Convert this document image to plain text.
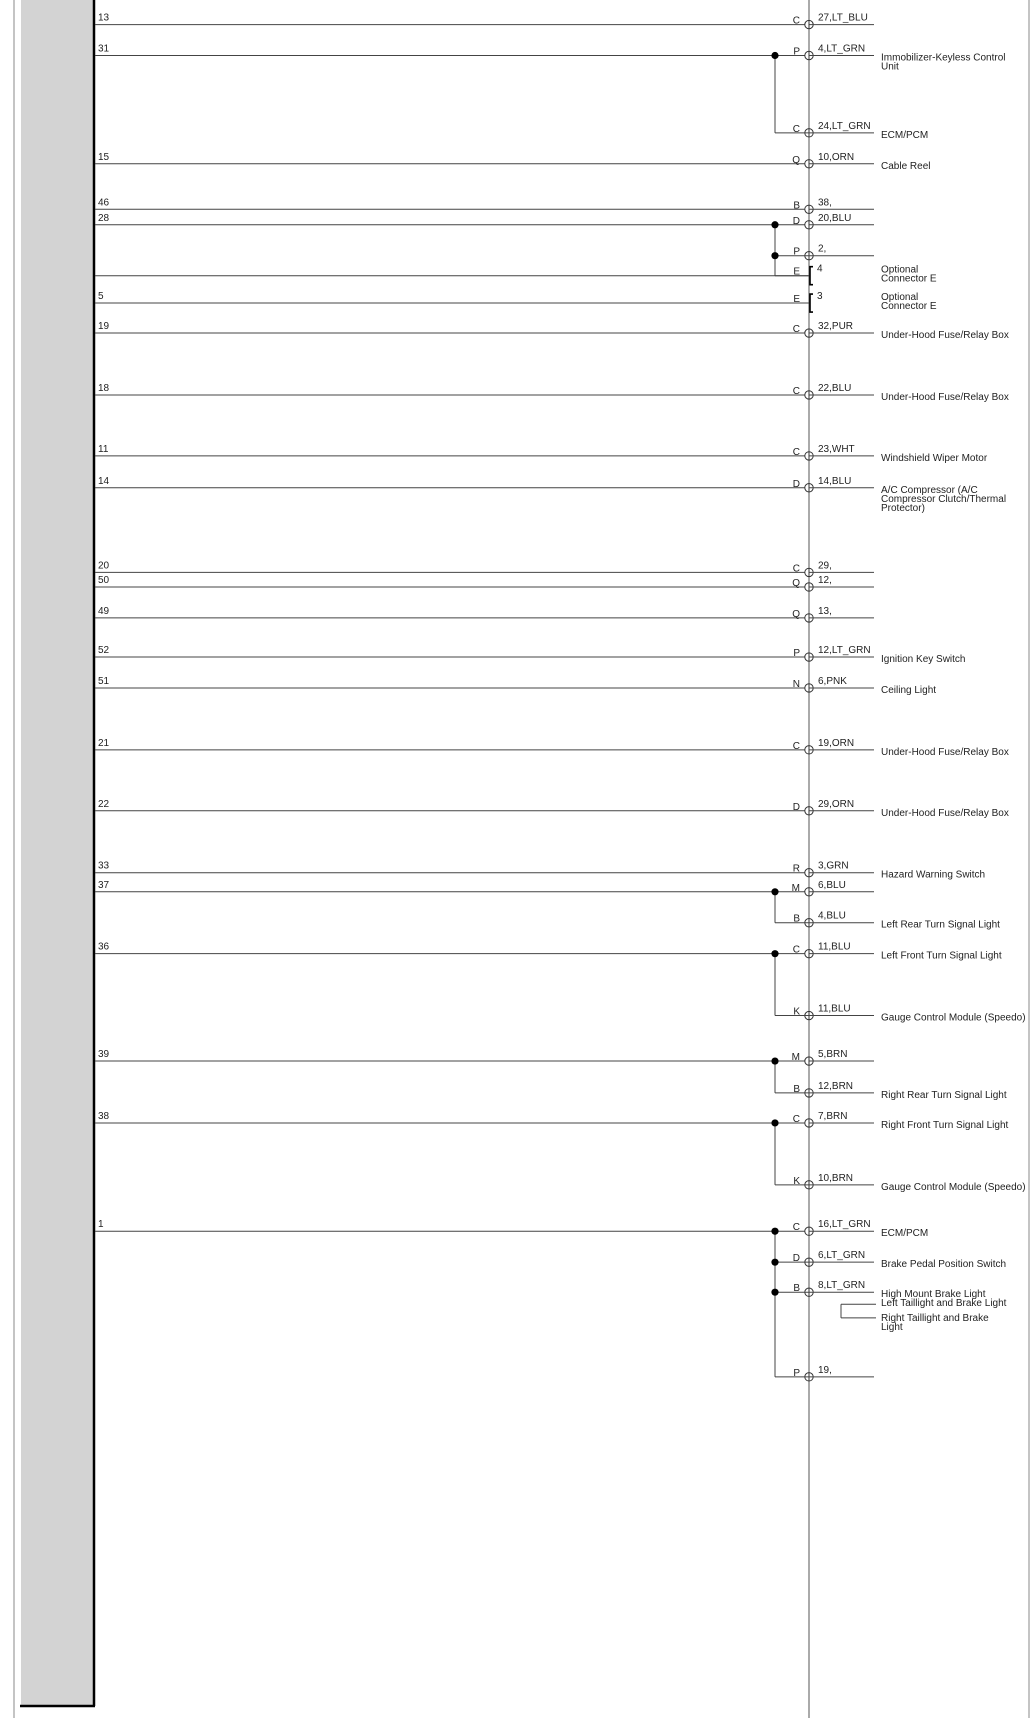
13	C 27,LT_BLU
31	P 4,LT_GRN
Immobilizer-Keyless Control
Unit
C 24,LT_GRN
ECM/PCM
15	Q 10,ORN
Cable Reel
46	B 38,
28	D 20,BLU
P 2,
E 4	Optional
Connector E
5	E 3	Optional
Connector E
19	C 32,PUR
Under-Hood Fuse/Relay Box
18	C 22,BLU
Under-Hood Fuse/Relay Box
11	C 23,WHT
Windshield Wiper Motor
14	D 14,BLU
A/C Compressor (A/C
Compressor Clutch/Thermal
Protector)
20	C 29,
50	Q 12,
49	Q 13,
52	P 12,LT_GRN
Ignition Key Switch
51	N 6,PNK
Ceiling Light
21	C 19,ORN
Under-Hood Fuse/Relay Box
22	D 29,ORN
Under-Hood Fuse/Relay Box
33	R 3,GRN
Hazard Warning Switch
37	M 6,BLU
B 4,BLU
Left Rear Turn Signal Light
36	C 11,BLU
Left Front Turn Signal Light
K 11,BLU
Gauge Control Module (Speedo)
39	M 5,BRN
B 12,BRN
Right Rear Turn Signal Light
38	C 7,BRN
Right Front Turn Signal Light
K 10,BRN
Gauge Control Module (Speedo)
1	C 16,LT_GRN
ECM/PCM
D 6,LT_GRN
Brake Pedal Position Switch
B 8,LT_GRN
High Mount Brake Light
Left Taillight and Brake Light
Right Taillight and Brake
Light
P 19,
